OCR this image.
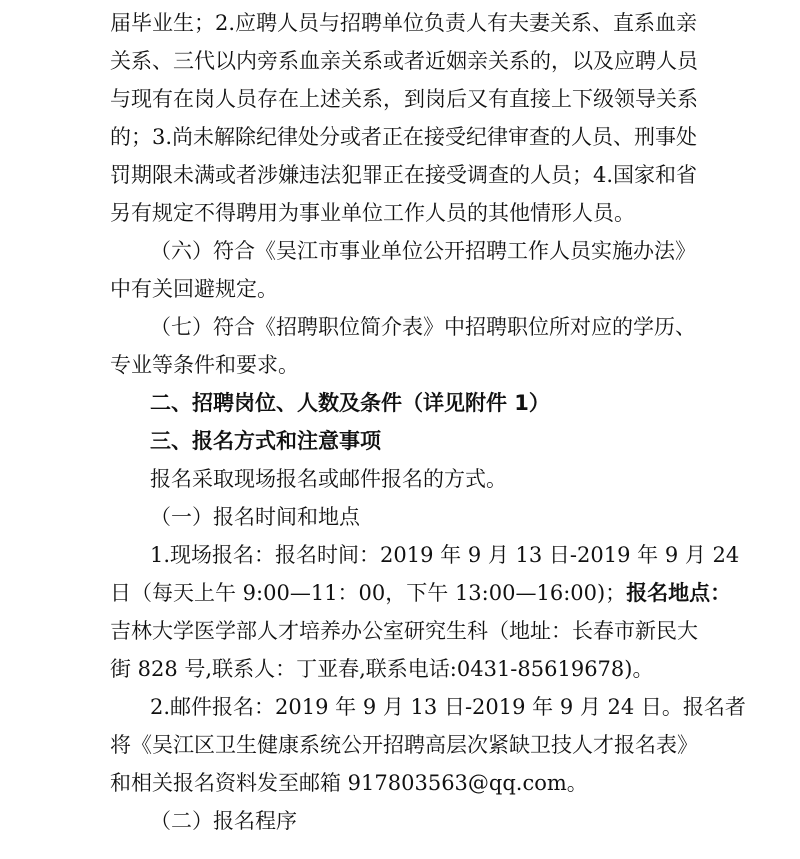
届毕业生；2.应聘人员与招聘单位负责人有夫妻关系、直系血亲
关系、三代以内旁系血亲关系或者近姻亲关系的，以及应聘人员
与现有在岗人员存在上述关系，到岗后又有直接上下级领导关系
的；3.尚未解除纪律处分或者正在接受纪律审查的人员、刑事处
罚期限未满或者涉嫌违法犯罪正在接受调查的人员；4.国家和省
另有规定不得聘用为事业单位工作人员的其他情形人员。
（六）符合《吴江市事业单位公开招聘工作人员实施办法》
中有关回避规定。
（七）符合《招聘职位简介表》中招聘职位所对应的学历、
专业等条件和要求。
二、招聘岗位、人数及条件（详见附件 1）
三、报名方式和注意事项
报名采取现场报名或邮件报名的方式。
（一）报名时间和地点
1.现场报名：报名时间：2019 年 9 月 13 日-2019 年 9 月 24
日（每天上午 9:00—11：00，下午 13:00—16:00)；报名地点：
吉林大学医学部人才培养办公室研究生科（地址：长春市新民大
街 828 号,联系人：丁亚春,联系电话:0431-85619678)。
2.邮件报名：2019 年 9 月 13 日-2019 年 9 月 24 日。报名者
将《吴江区卫生健康系统公开招聘高层次紧缺卫技人才报名表》
和相关报名资料发至邮箱 917803563@qq.com。
（二）报名程序
